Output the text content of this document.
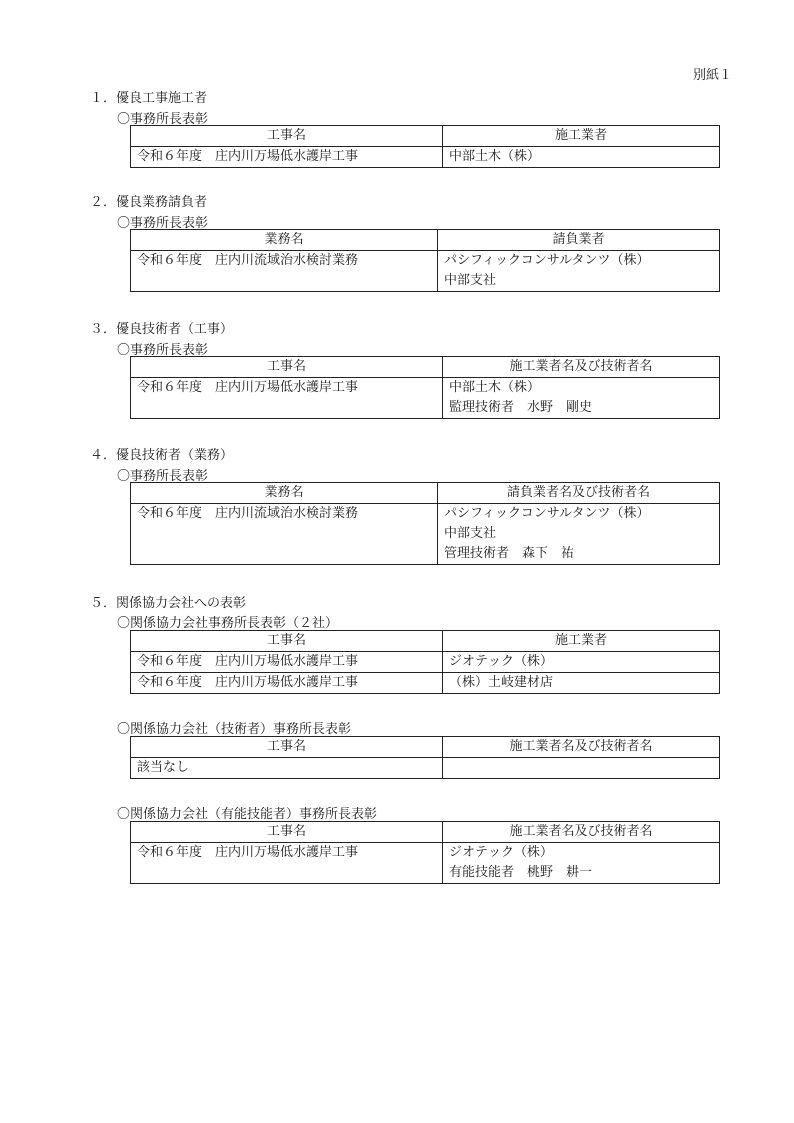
別紙１
１．優良工事施工者
〇事務所長表彰
工事名	施工業者
令和６年度　庄内川万場低水護岸工事	中部土木（株）
２．優良業務請負者
〇事務所長表彰
業務名	請負業者
令和６年度　庄内川流域治水検討業務	パシフィックコンサルタンツ（株）
中部支社
３．優良技術者（工事）
〇事務所長表彰
工事名	施工業者名及び技術者名
令和６年度　庄内川万場低水護岸工事	中部土木（株）
監理技術者　水野　剛史
４．優良技術者（業務）
〇事務所長表彰
業務名	請負業者名及び技術者名
令和６年度　庄内川流域治水検討業務	パシフィックコンサルタンツ（株）
中部支社
管理技術者　森下　祐
５．関係協力会社への表彰
〇関係協力会社事務所長表彰（２社）
工事名	施工業者
令和６年度　庄内川万場低水護岸工事	ジオテック（株）

令和６年度　庄内川万場低水護岸工事	（株）土岐建材店
〇関係協力会社（技術者）事務所長表彰
工事名	施工業者名及び技術者名
該当なし	

〇関係協力会社（有能技能者）事務所長表彰
工事名	施工業者名及び技術者名
令和６年度　庄内川万場低水護岸工事	ジオテック（株）
有能技能者　桃野　耕一
